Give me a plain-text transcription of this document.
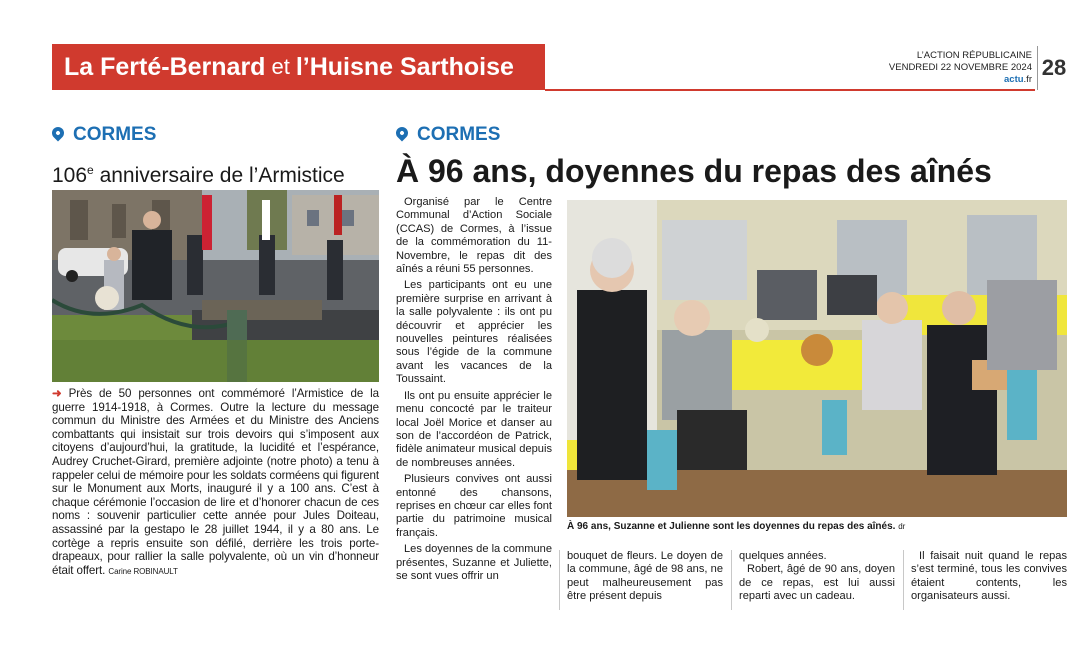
La Ferté-Bernard et l’Huisne Sarthoise	L’ACTION RÉPUBLICAINE
VENDREDI 22 NOVEMBRE 2024
actu.fr 28
CORMES
106e anniversaire de l’Armistice
➜ Près de 50 personnes ont commémoré l’Armistice de la guerre 1914-1918, à Cormes. Outre la lecture du message commun du Ministre des Armées et du Ministre des Anciens combattants qui insistait sur trois devoirs qui s’imposent aux citoyens d’aujourd’hui, la gratitude, la lucidité et l’espérance, Audrey Cruchet-Girard, première adjointe (notre photo) a tenu à rappeler celui de mémoire pour les soldats corméens qui figurent sur le Monument aux Morts, inauguré il y a 100 ans. C’est à chaque cérémonie l’occasion de lire et d’honorer chacun de ces noms : souvenir particulier cette année pour Jules Doiteau, assassiné par la gestapo le 28 juillet 1944, il y a 80 ans. Le cortège a repris ensuite son défilé, derrière les trois porte-drapeaux, pour rallier la salle polyvalente, où un vin d’honneur était offert. Carine ROBINAULT
CORMES
À 96 ans, doyennes du repas des aînés

Organisé par le Centre Communal d’Action Sociale (CCAS) de Cormes, à l’issue de la commémoration du 11-Novembre, le repas dit des aînés a réuni 55 personnes.

Les participants ont eu une première surprise en arrivant à la salle polyvalente : ils ont pu découvrir et apprécier les nouvelles peintures réalisées sous l’égide de la commune avant les vacances de la Toussaint.

Ils ont pu ensuite apprécier le menu concocté par le traiteur local Joël Morice et danser au son de l’accordéon de Patrick, fidèle animateur musical depuis de nombreuses années.

Plusieurs convives ont aussi entonné des chansons, reprises en chœur car elles font partie du patrimoine musical français.

Les doyennes de la commune présentes, Suzanne et Juliette, se sont vues offrir un

À 96 ans, Suzanne et Julienne sont les doyennes du repas des aînés. dr
bouquet de fleurs. Le doyen de la commune, âgé de 98 ans, ne peut malheureusement pas être présent depuis
quelques années.
Robert, âgé de 90 ans, doyen de ce repas, est lui aussi reparti avec un cadeau.
Il faisait nuit quand le repas s’est terminé, tous les convives étaient contents, les organisateurs aussi.
